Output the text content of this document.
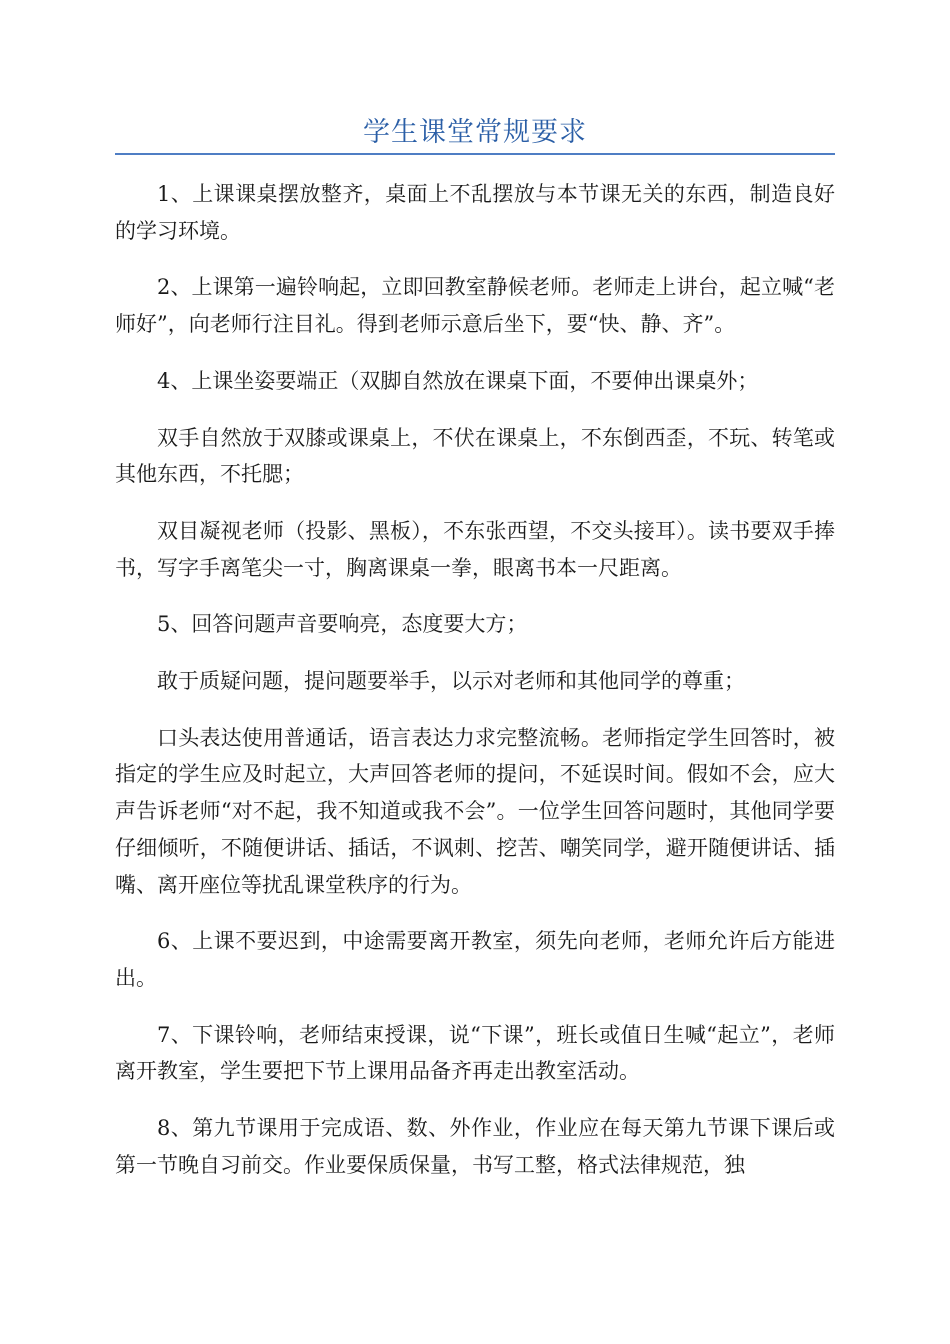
学生课堂常规要求

1、上课课桌摆放整齐，桌面上不乱摆放与本节课无关的东西，制造良好的学习环境。

2、上课第一遍铃响起，立即回教室静候老师。老师走上讲台，起立喊“老师好”，向老师行注目礼。得到老师示意后坐下，要“快、静、齐”。

4、上课坐姿要端正（双脚自然放在课桌下面，不要伸出课桌外；

双手自然放于双膝或课桌上，不伏在课桌上，不东倒西歪，不玩、转笔或其他东西，不托腮；

双目凝视老师（投影、黑板），不东张西望，不交头接耳）。读书要双手捧书，写字手离笔尖一寸，胸离课桌一拳，眼离书本一尺距离。

5、回答问题声音要响亮，态度要大方；

敢于质疑问题，提问题要举手，以示对老师和其他同学的尊重；

口头表达使用普通话，语言表达力求完整流畅。老师指定学生回答时，被指定的学生应及时起立，大声回答老师的提问，不延误时间。假如不会，应大声告诉老师“对不起，我不知道或我不会”。一位学生回答问题时，其他同学要仔细倾听，不随便讲话、插话，不讽刺、挖苦、嘲笑同学，避开随便讲话、插嘴、离开座位等扰乱课堂秩序的行为。

6、上课不要迟到，中途需要离开教室，须先向老师，老师允许后方能进出。

7、下课铃响，老师结束授课，说“下课”，班长或值日生喊“起立”，老师离开教室，学生要把下节上课用品备齐再走出教室活动。

8、第九节课用于完成语、数、外作业，作业应在每天第九节课下课后或第一节晚自习前交。作业要保质保量，书写工整，格式法律规范，独
